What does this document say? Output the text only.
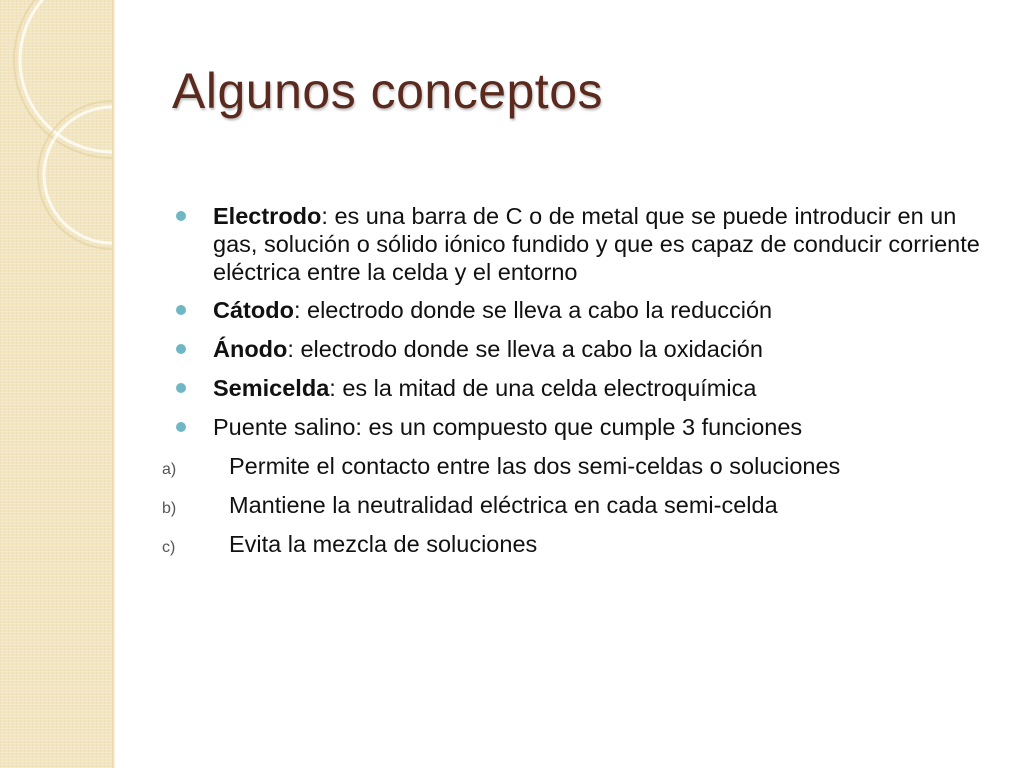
Algunos conceptos
Electrodo: es una barra de C o de metal que se puede introducir en un gas, solución o sólido iónico fundido y que es capaz de conducir corriente eléctrica entre la celda y el entorno
Cátodo: electrodo donde se lleva a cabo la reducción
Ánodo: electrodo donde se lleva a cabo la oxidación
Semicelda: es la mitad de una celda electroquímica
Puente salino: es un compuesto que cumple 3 funciones
a) Permite el contacto entre las dos semi-celdas o soluciones
b) Mantiene la neutralidad eléctrica en cada semi-celda
c) Evita la mezcla de soluciones
